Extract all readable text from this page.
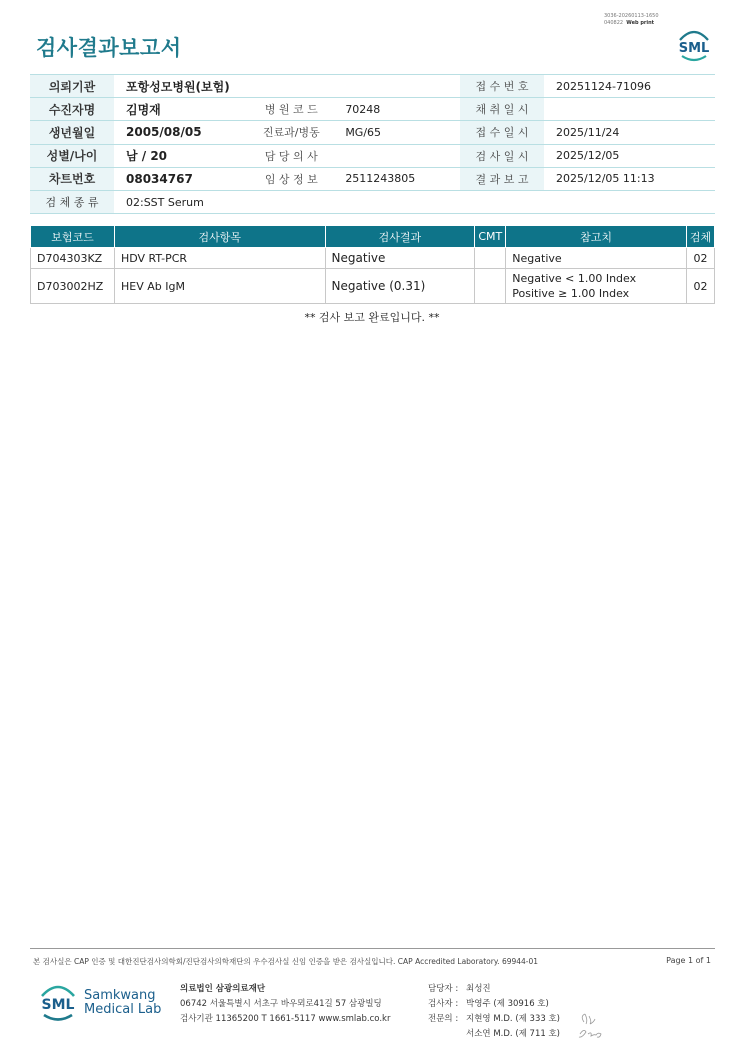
검사결과보고서
3036-20260113-1650
040822 Web print
SML
의뢰기관	포항성모병원(보험)			접 수 번 호	20251124-71096
수진자명	김명재	병 원 코 드	70248	채 취 일 시	
생년월일	2005/08/05	진료과/병동	MG/65	접 수 일 시	2025/11/24
성별/나이	남 / 20	담 당 의 사		검 사 일 시	2025/12/05
차트번호	08034767	임 상 정 보	2511243805	결 과 보 고	2025/12/05 11:13
검 체 종 류	02:SST Serum				
보험코드	검사항목	검사결과	CMT	참고치	검체
D704303KZ	HDV RT-PCR	Negative		Negative	02
D703002HZ	HEV Ab IgM	Negative (0.31)		Negative < 1.00 Index
Positive ≥ 1.00 Index	02
** 검사 보고 완료입니다. **
본 검사실은 CAP 인증 및 대한진단검사의학회/진단검사의학재단의 우수검사실 신임 인증을 받은 검사실입니다. CAP Accredited Laboratory. 69944-01	Page 1 of 1
SML
Samkwang
Medical Lab
의료법인 삼광의료재단
06742 서울특별시 서초구 바우뫼로41길 57 삼광빌딩
검사기관 11365200 T 1661-5117 www.smlab.co.kr
담당자 : 최성진
검사자 : 박영주 (제 30916 호)
전문의 : 지현영 M.D. (제 333 호)
서소연 M.D. (제 711 호)
